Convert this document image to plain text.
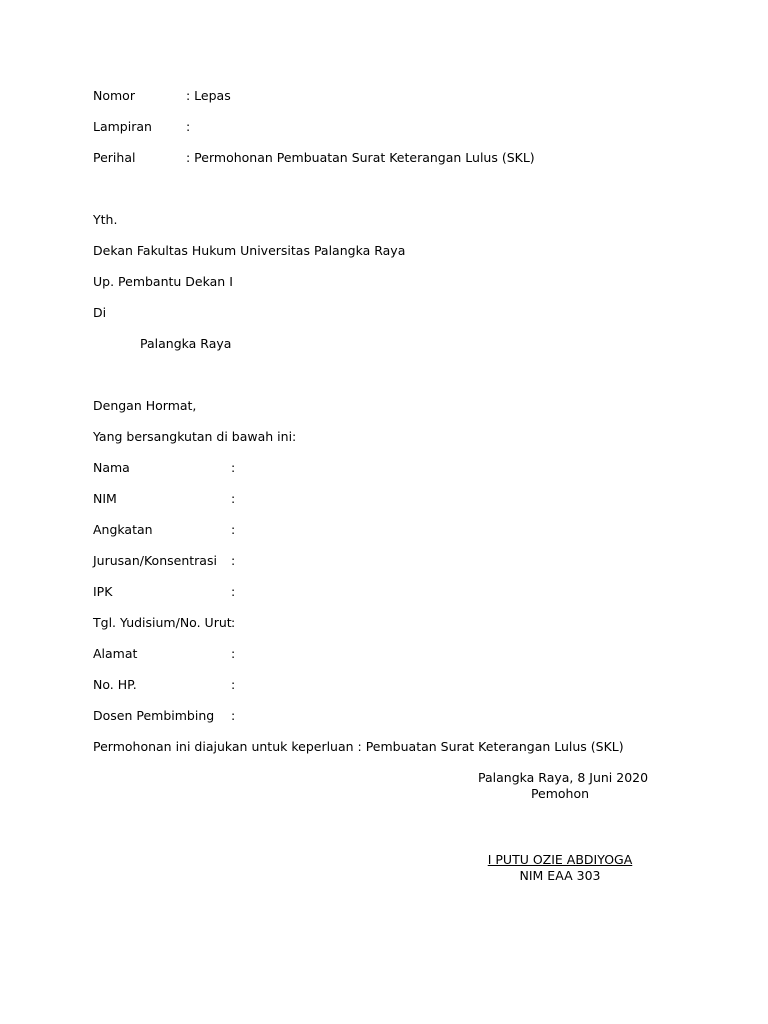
Nomor	: Lepas
Lampiran	:
Perihal	: Permohonan Pembuatan Surat Keterangan Lulus (SKL)
Yth.
Dekan Fakultas Hukum Universitas Palangka Raya
Up. Pembantu Dekan I
Di
Palangka Raya
Dengan Hormat,
Yang bersangkutan di bawah ini:
Nama	:
NIM	:
Angkatan	:
Jurusan/Konsentrasi :
IPK	:
Tgl. Yudisium/No. Urut :
Alamat	:
No. HP.	:
Dosen Pembimbing :
Permohonan ini diajukan untuk keperluan : Pembuatan Surat Keterangan Lulus (SKL)
Palangka Raya, 8 Juni 2020
Pemohon
I PUTU OZIE ABDIYOGA
NIM EAA 303
